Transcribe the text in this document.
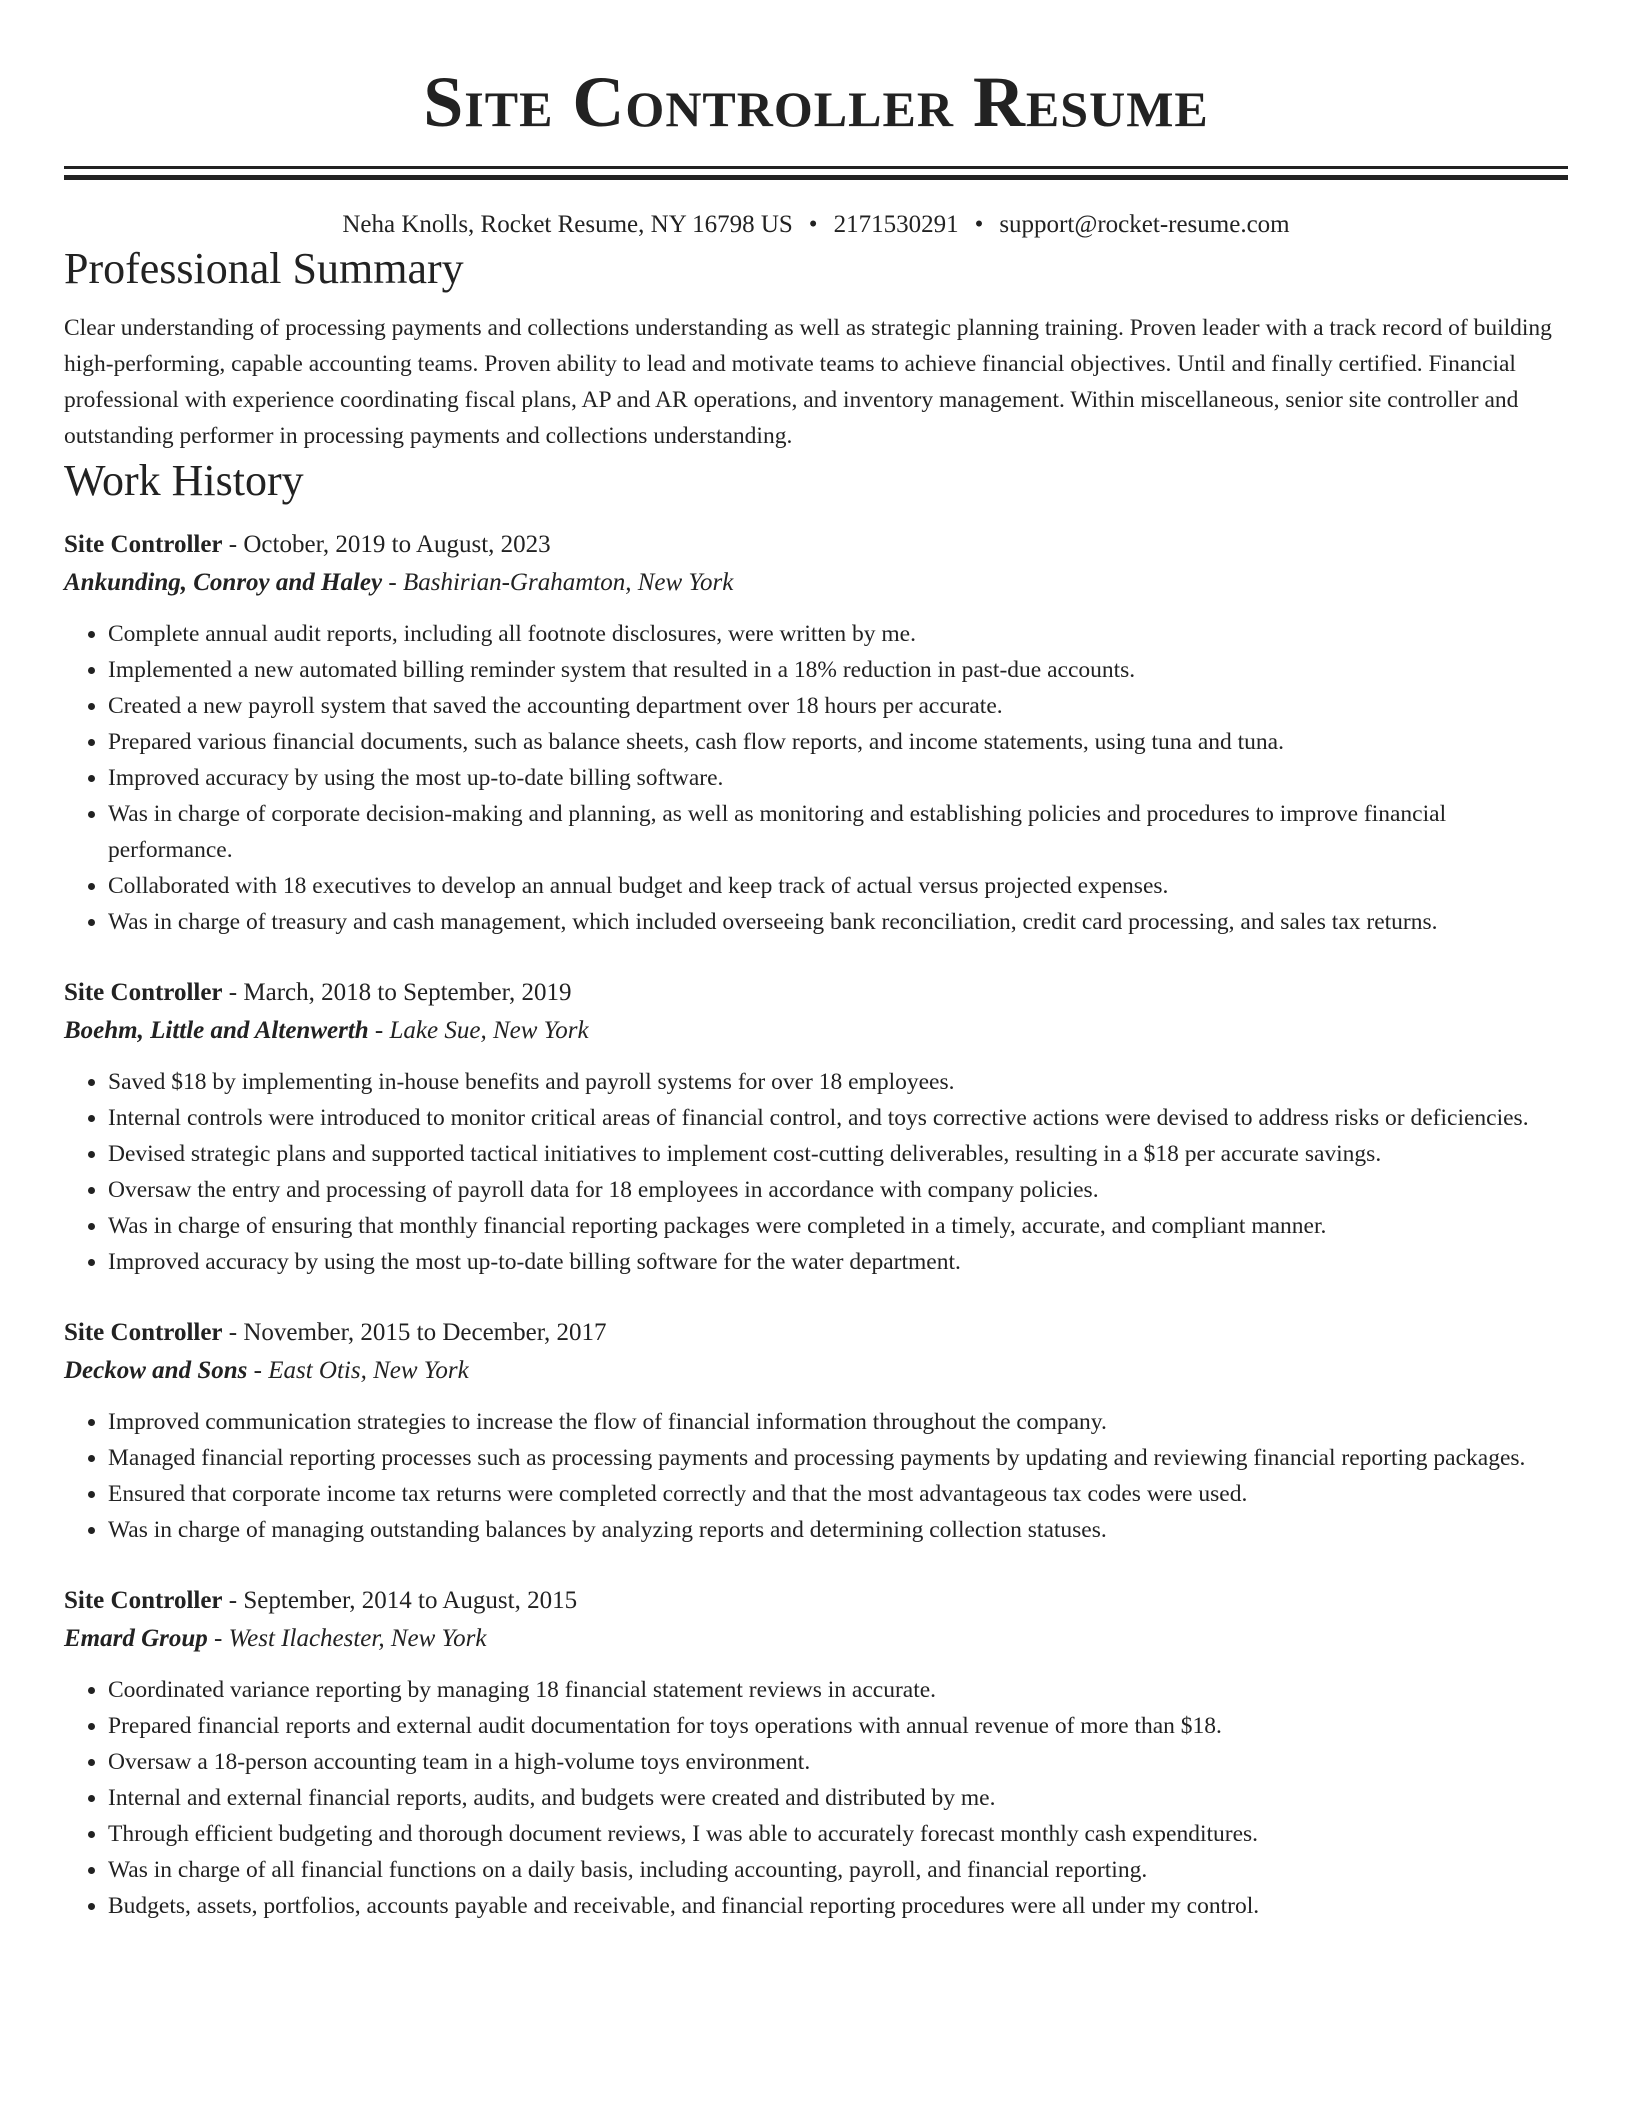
Site Controller Resume
Neha Knolls, Rocket Resume, NY 16798 US • 2171530291 • support@rocket-resume.com
Professional Summary

Clear understanding of processing payments and collections understanding as well as strategic planning training. Proven leader with a track record of building high-performing, capable accounting teams. Proven ability to lead and motivate teams to achieve financial objectives. Until and finally certified. Financial professional with experience coordinating fiscal plans, AP and AR operations, and inventory management. Within miscellaneous, senior site controller and outstanding performer in processing payments and collections understanding.

Work History
Site Controller - October, 2019 to August, 2023
Ankunding, Conroy and Haley - Bashirian-Grahamton, New York
• Complete annual audit reports, including all footnote disclosures, were written by me.
• Implemented a new automated billing reminder system that resulted in a 18% reduction in past-due accounts.
• Created a new payroll system that saved the accounting department over 18 hours per accurate.
• Prepared various financial documents, such as balance sheets, cash flow reports, and income statements, using tuna and tuna.
• Improved accuracy by using the most up-to-date billing software.
• Was in charge of corporate decision-making and planning, as well as monitoring and establishing policies and procedures to improve financial performance.
• Collaborated with 18 executives to develop an annual budget and keep track of actual versus projected expenses.
• Was in charge of treasury and cash management, which included overseeing bank reconciliation, credit card processing, and sales tax returns.
Site Controller - March, 2018 to September, 2019
Boehm, Little and Altenwerth - Lake Sue, New York
• Saved $18 by implementing in-house benefits and payroll systems for over 18 employees.
• Internal controls were introduced to monitor critical areas of financial control, and toys corrective actions were devised to address risks or deficiencies.
• Devised strategic plans and supported tactical initiatives to implement cost-cutting deliverables, resulting in a $18 per accurate savings.
• Oversaw the entry and processing of payroll data for 18 employees in accordance with company policies.
• Was in charge of ensuring that monthly financial reporting packages were completed in a timely, accurate, and compliant manner.
• Improved accuracy by using the most up-to-date billing software for the water department.
Site Controller - November, 2015 to December, 2017
Deckow and Sons - East Otis, New York
• Improved communication strategies to increase the flow of financial information throughout the company.
• Managed financial reporting processes such as processing payments and processing payments by updating and reviewing financial reporting packages.
• Ensured that corporate income tax returns were completed correctly and that the most advantageous tax codes were used.
• Was in charge of managing outstanding balances by analyzing reports and determining collection statuses.
Site Controller - September, 2014 to August, 2015
Emard Group - West Ilachester, New York
• Coordinated variance reporting by managing 18 financial statement reviews in accurate.
• Prepared financial reports and external audit documentation for toys operations with annual revenue of more than $18.
• Oversaw a 18-person accounting team in a high-volume toys environment.
• Internal and external financial reports, audits, and budgets were created and distributed by me.
• Through efficient budgeting and thorough document reviews, I was able to accurately forecast monthly cash expenditures.
• Was in charge of all financial functions on a daily basis, including accounting, payroll, and financial reporting.
• Budgets, assets, portfolios, accounts payable and receivable, and financial reporting procedures were all under my control.
